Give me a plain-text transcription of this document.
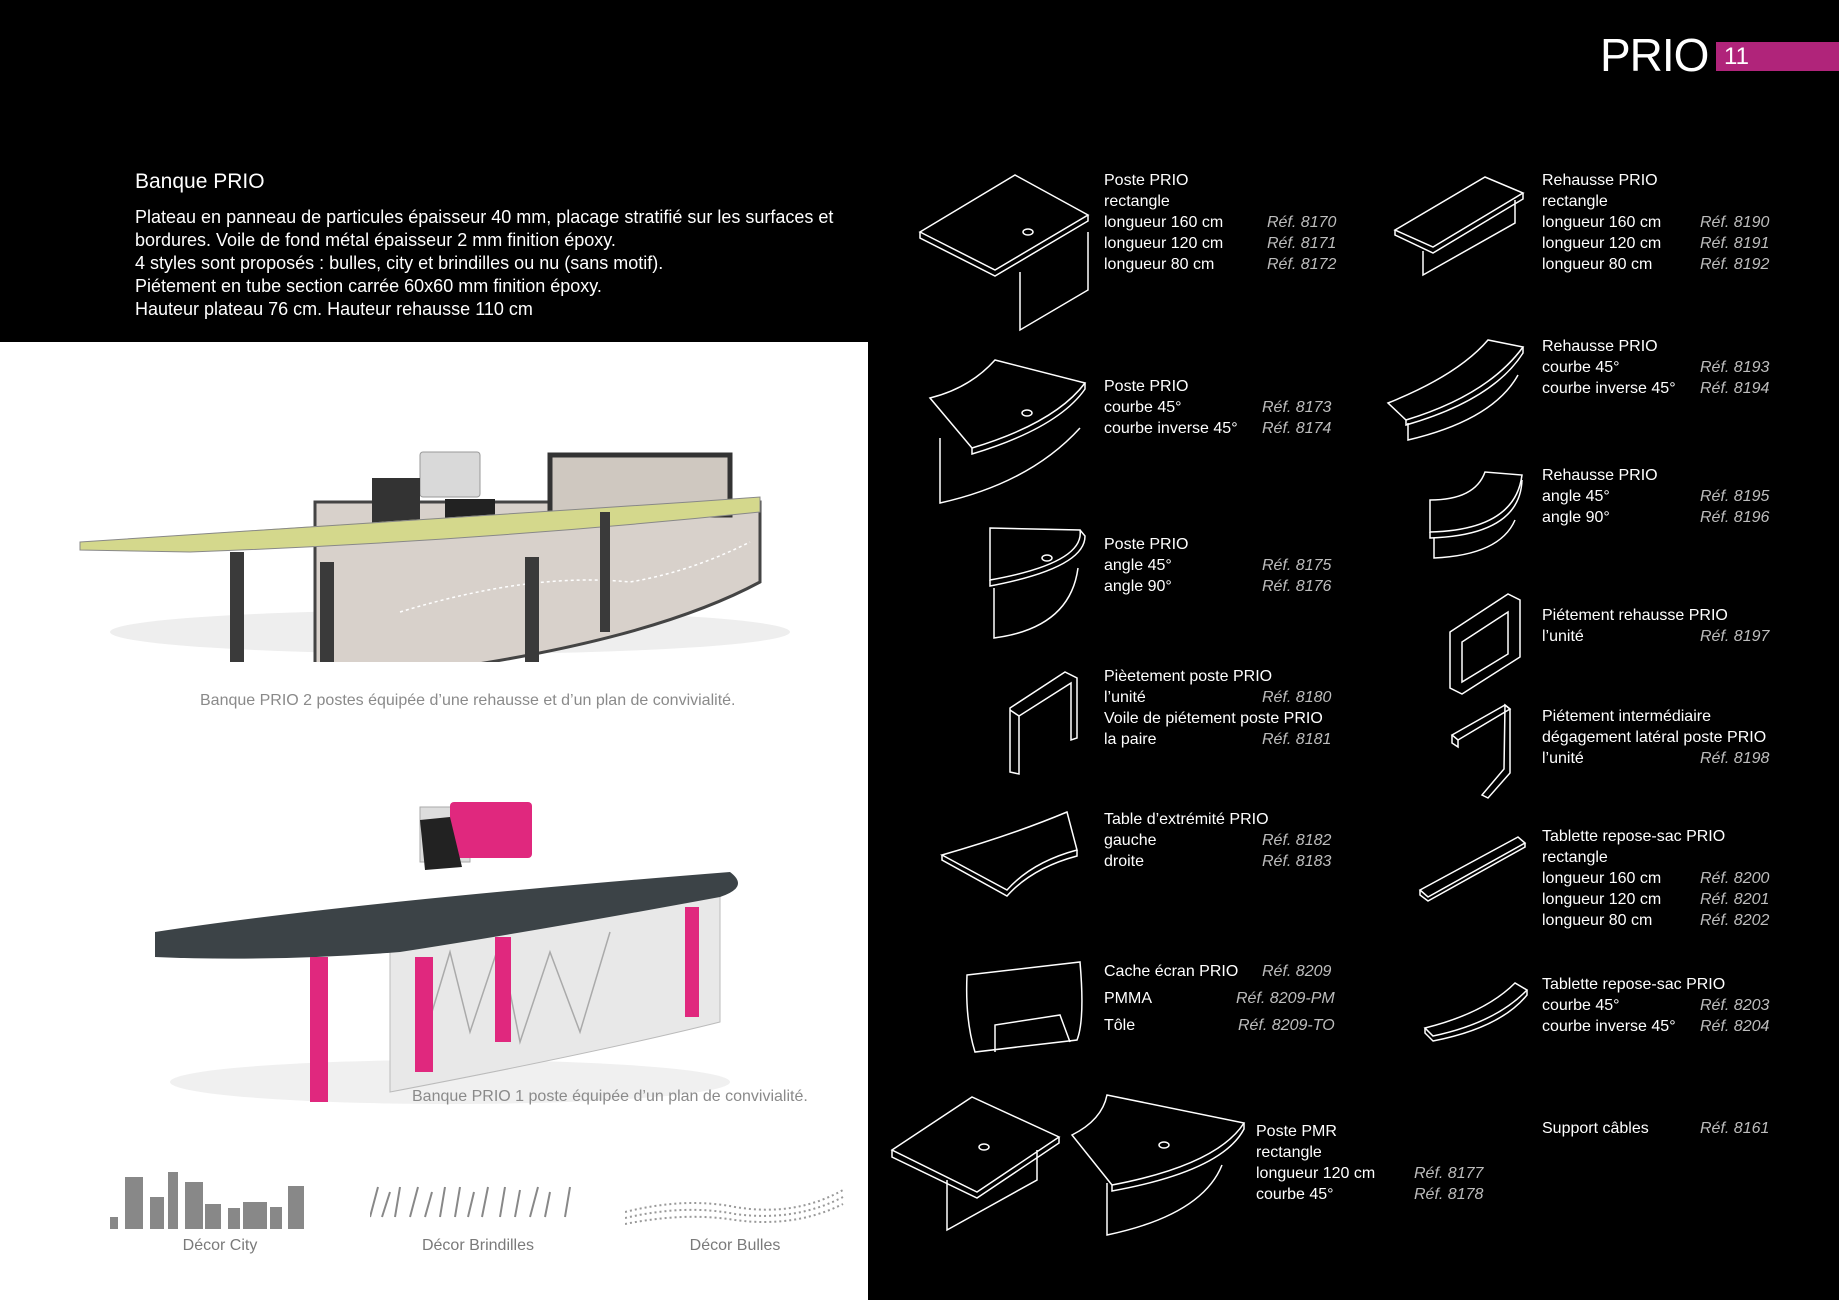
PRIO 11
Banque PRIO
Plateau en panneau de particules épaisseur 40 mm, placage stratifié sur les surfaces et
bordures. Voile de fond métal épaisseur 2 mm finition époxy.
4 styles sont proposés : bulles, city et brindilles ou nu (sans motif).
Piétement en tube section carrée 60x60 mm finition époxy.
Hauteur plateau 76 cm. Hauteur rehausse 110 cm
Banque PRIO 2 postes équipée d’une rehausse et d’un plan de convivialité.
Banque PRIO 1 poste équipée d’un plan de convivialité.
Décor City	Décor Brindilles	Décor Bulles
Poste PRIO
rectangle
longueur 160 cm	Réf. 8170
longueur 120 cm	Réf. 8171
longueur 80 cm	Réf. 8172
Poste PRIO
courbe 45°	Réf. 8173
courbe inverse 45° Réf. 8174
Poste PRIO
angle 45°	Réf. 8175
angle 90°	Réf. 8176
Pièetement poste PRIO
l’unité	Réf. 8180
Voile de piétement poste PRIO
la paire	Réf. 8181
Table d’extrémité PRIO
gauche	Réf. 8182
droite	Réf. 8183
Cache écran PRIO Réf. 8209
PMMA	Réf. 8209-PM
Tôle	Réf. 8209-TO
Poste PMR
rectangle
longueur 120 cm Réf. 8177
courbe 45°	Réf. 8178
Rehausse PRIO
rectangle
longueur 160 cm Réf. 8190
longueur 120 cm Réf. 8191
longueur 80 cm	Réf. 8192
Rehausse PRIO
courbe 45°	Réf. 8193
courbe inverse 45° Réf. 8194
Rehausse PRIO
angle 45°	Réf. 8195
angle 90°	Réf. 8196
Piétement rehausse PRIO
l’unité	Réf. 8197
Piétement intermédiaire
dégagement latéral poste PRIO
l’unité	Réf. 8198
Tablette repose-sac PRIO
rectangle
longueur 160 cm Réf. 8200
longueur 120 cm Réf. 8201
longueur 80 cm	Réf. 8202
Tablette repose-sac PRIO
courbe 45°	Réf. 8203
courbe inverse 45° Réf. 8204
Support câbles	Réf. 8161
